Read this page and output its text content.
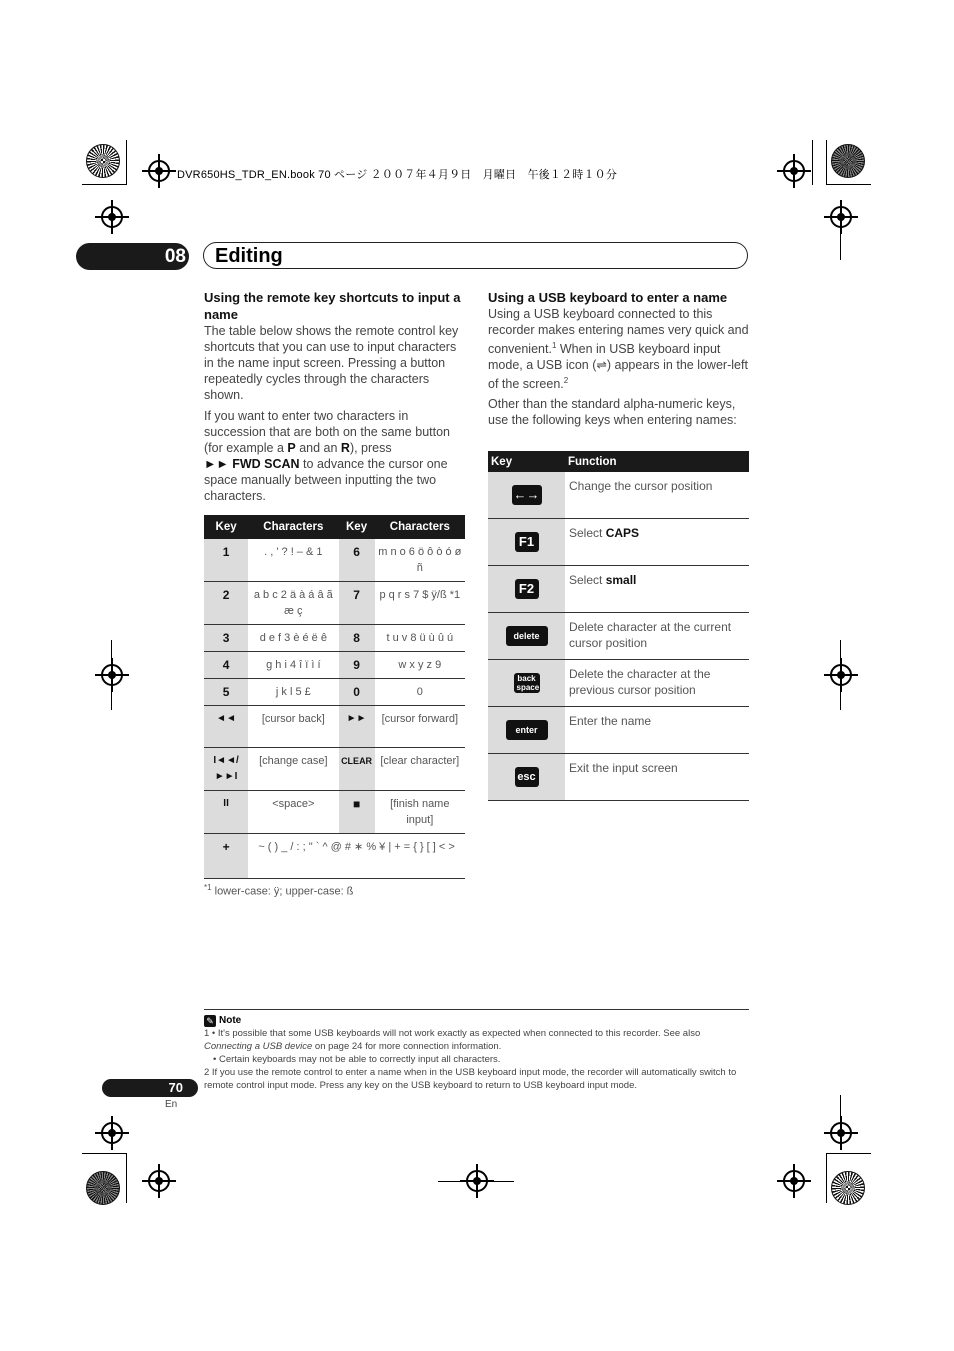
DVR650HS_TDR_EN.book 70 ページ ２００７年４月９日　月曜日　午後１２時１０分
08 Editing
Using the remote key shortcuts to input a name

The table below shows the remote control key shortcuts that you can use to input characters in the name input screen. Pressing a button repeatedly cycles through the characters shown.

If you want to enter two characters in succession that are both on the same button (for example a P and an R), press
►► FWD SCAN to advance the cursor one space manually between inputting the two characters.

Key	Characters	Key	Characters
1	. , ' ? ! – & 1	6	m n o 6 ö ô ò ó ø ñ
2	a b c 2 ä à á â ã æ ç	7	p q r s 7 $ ÿ/ß *1
3	d e f 3 è é ë ê	8	t u v 8 ü ù û ú
4	g h i 4 î ï ì í	9	w x y z 9
5	j k l 5 £	0	0
◄◄	[cursor back]	►►	[cursor forward]
I◄◄/ ►►I	[change case]	CLEAR	[clear character]
II	<space>	■	[finish name input]
+	~ ( ) _ / : ; " ` ^ @ # ∗ % ¥ | + = { } [ ] < >		
$^{*1}$ lower-case: ÿ; upper-case: ß
Using a USB keyboard to enter a name

Using a USB keyboard connected to this recorder makes entering names very quick and convenient.$^1$ When in USB keyboard input mode, a USB icon (⇌) appears in the lower-left of the screen.$^2$

Other than the standard alpha-numeric keys, use the following keys when entering names:

Key	Function
←→	Change the cursor position
F1	Select CAPS
F2	Select small
delete	Delete character at the current cursor position
back space	Delete the character at the previous cursor position
enter	Enter the name
esc	Exit the input screen
✎ Note
1 • It's possible that some USB keyboards will not work exactly as expected when connected to this recorder. See also Connecting a USB device on page 24 for more connection information.
• Certain keyboards may not be able to correctly input all characters.
2 If you use the remote control to enter a name when in the USB keyboard input mode, the recorder will automatically switch to remote control input mode. Press any key on the USB keyboard to return to USB keyboard input mode.
70
En
